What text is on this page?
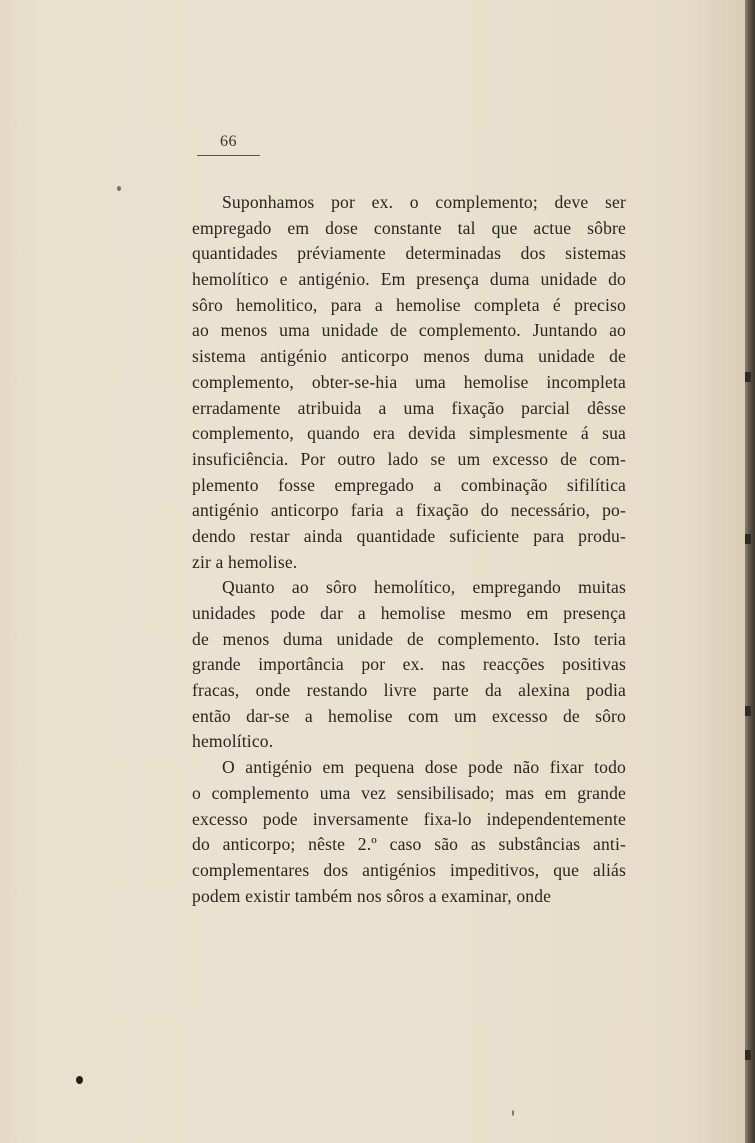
66
Suponhamos por ex. o complemento; deve ser
empregado em dose constante tal que actue sôbre
quantidades préviamente determinadas dos sistemas
hemolítico e antigénio. Em presença duma unidade do
sôro hemolitico, para a hemolise completa é preciso
ao menos uma unidade de complemento. Juntando ao
sistema antigénio anticorpo menos duma unidade de
complemento, obter-se-hia uma hemolise incompleta
erradamente atribuida a uma fixação parcial dêsse
complemento, quando era devida simplesmente á sua
insuficiência. Por outro lado se um excesso de com-
plemento fosse empregado a combinação sifilítica
antigénio anticorpo faria a fixação do necessário, po-
dendo restar ainda quantidade suficiente para produ-
zir a hemolise.
Quanto ao sôro hemolítico, empregando muitas
unidades pode dar a hemolise mesmo em presença
de menos duma unidade de complemento. Isto teria
grande importância por ex. nas reacções positivas
fracas, onde restando livre parte da alexina podia
então dar-se a hemolise com um excesso de sôro
hemolítico.
O antigénio em pequena dose pode não fixar todo
o complemento uma vez sensibilisado; mas em grande
excesso pode inversamente fixa-lo independentemente
do anticorpo; nêste 2.º caso são as substâncias anti-
complementares dos antigénios impeditivos, que aliás
podem existir também nos sôros a examinar, onde
